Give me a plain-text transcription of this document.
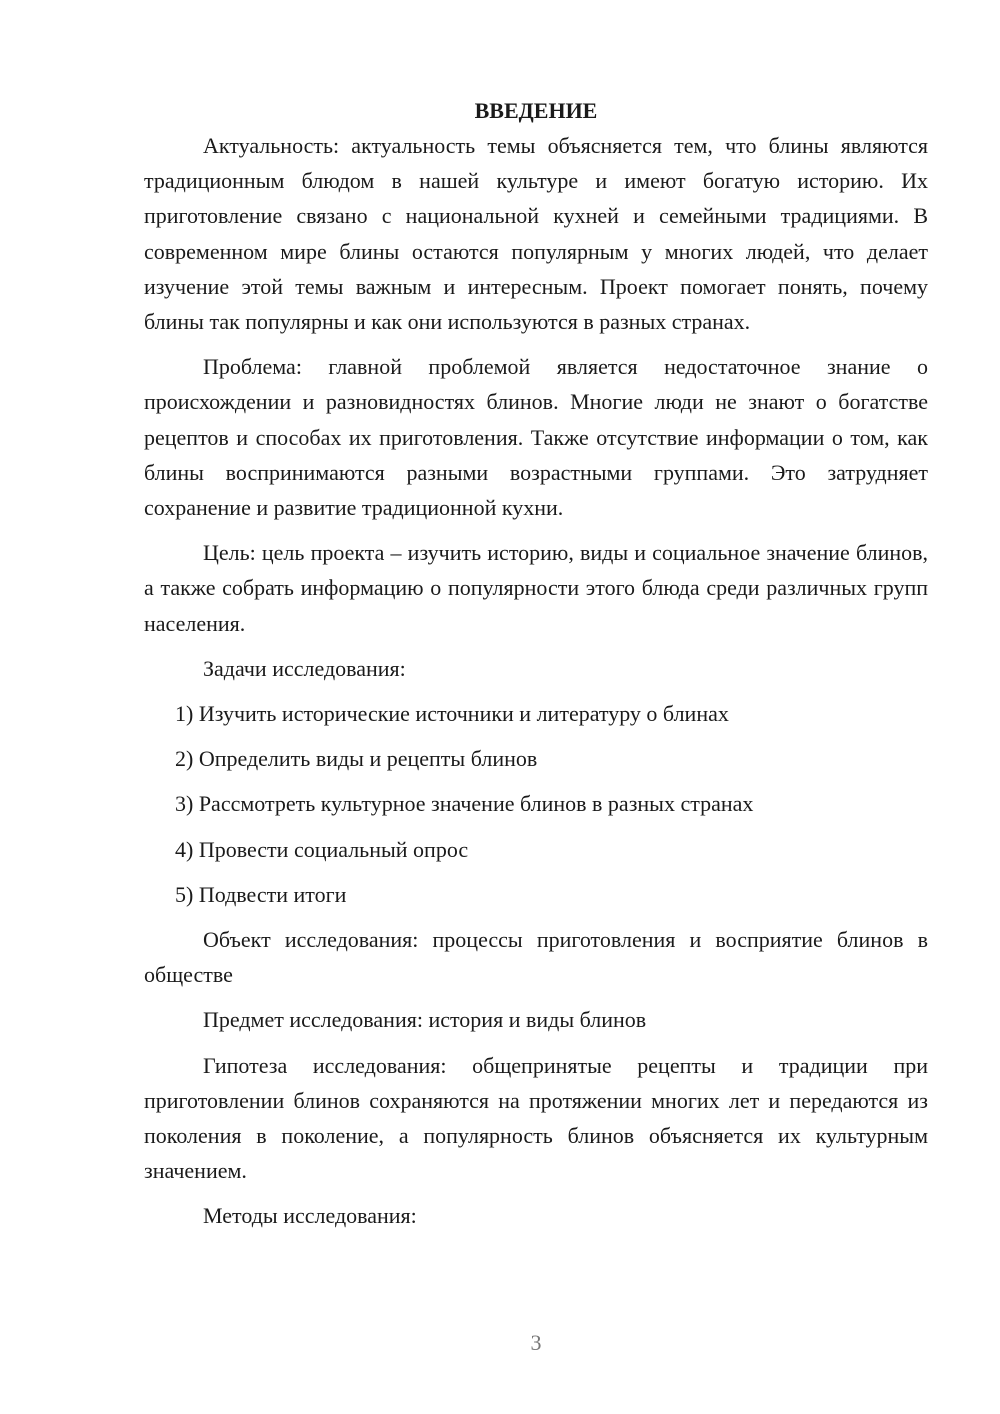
ВВЕДЕНИЕ

Актуальность: актуальность темы объясняется тем, что блины являются традиционным блюдом в нашей культуре и имеют богатую историю. Их приготовление связано с национальной кухней и семейными традициями. В современном мире блины остаются популярным у многих людей, что делает изучение этой темы важным и интересным. Проект помогает понять, почему блины так популярны и как они используются в разных странах.

Проблема: главной проблемой является недостаточное знание о происхождении и разновидностях блинов. Многие люди не знают о богатстве рецептов и способах их приготовления. Также отсутствие информации о том, как блины воспринимаются разными возрастными группами. Это затрудняет сохранение и развитие традиционной кухни.

Цель: цель проекта – изучить историю, виды и социальное значение блинов, а также собрать информацию о популярности этого блюда среди различных групп населения.

Задачи исследования:

1) Изучить исторические источники и литературу о блинах
2) Определить виды и рецепты блинов
3) Рассмотреть культурное значение блинов в разных странах
4) Провести социальный опрос
5) Подвести итоги

Объект исследования: процессы приготовления и восприятие блинов в обществе

Предмет исследования: история и виды блинов

Гипотеза исследования: общепринятые рецепты и традиции при приготовлении блинов сохраняются на протяжении многих лет и передаются из поколения в поколение, а популярность блинов объясняется их культурным значением.

Методы исследования:

3
